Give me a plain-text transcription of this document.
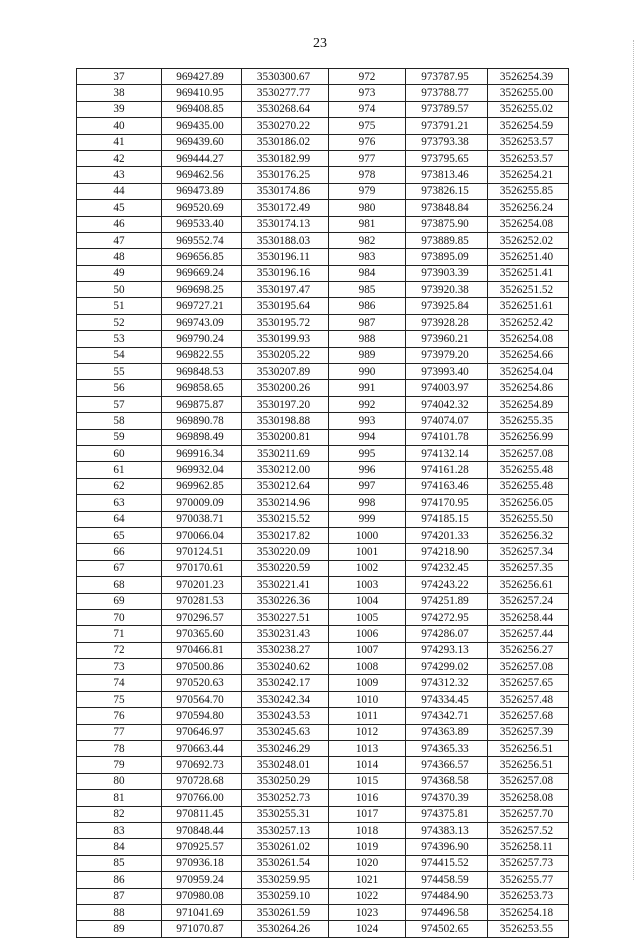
23
37	969427.89	3530300.67	972	973787.95	3526254.39
38	969410.95	3530277.77	973	973788.77	3526255.00
39	969408.85	3530268.64	974	973789.57	3526255.02
40	969435.00	3530270.22	975	973791.21	3526254.59
41	969439.60	3530186.02	976	973793.38	3526253.57
42	969444.27	3530182.99	977	973795.65	3526253.57
43	969462.56	3530176.25	978	973813.46	3526254.21
44	969473.89	3530174.86	979	973826.15	3526255.85
45	969520.69	3530172.49	980	973848.84	3526256.24
46	969533.40	3530174.13	981	973875.90	3526254.08
47	969552.74	3530188.03	982	973889.85	3526252.02
48	969656.85	3530196.11	983	973895.09	3526251.40
49	969669.24	3530196.16	984	973903.39	3526251.41
50	969698.25	3530197.47	985	973920.38	3526251.52
51	969727.21	3530195.64	986	973925.84	3526251.61
52	969743.09	3530195.72	987	973928.28	3526252.42
53	969790.24	3530199.93	988	973960.21	3526254.08
54	969822.55	3530205.22	989	973979.20	3526254.66
55	969848.53	3530207.89	990	973993.40	3526254.04
56	969858.65	3530200.26	991	974003.97	3526254.86
57	969875.87	3530197.20	992	974042.32	3526254.89
58	969890.78	3530198.88	993	974074.07	3526255.35
59	969898.49	3530200.81	994	974101.78	3526256.99
60	969916.34	3530211.69	995	974132.14	3526257.08
61	969932.04	3530212.00	996	974161.28	3526255.48
62	969962.85	3530212.64	997	974163.46	3526255.48
63	970009.09	3530214.96	998	974170.95	3526256.05
64	970038.71	3530215.52	999	974185.15	3526255.50
65	970066.04	3530217.82	1000	974201.33	3526256.32
66	970124.51	3530220.09	1001	974218.90	3526257.34
67	970170.61	3530220.59	1002	974232.45	3526257.35
68	970201.23	3530221.41	1003	974243.22	3526256.61
69	970281.53	3530226.36	1004	974251.89	3526257.24
70	970296.57	3530227.51	1005	974272.95	3526258.44
71	970365.60	3530231.43	1006	974286.07	3526257.44
72	970466.81	3530238.27	1007	974293.13	3526256.27
73	970500.86	3530240.62	1008	974299.02	3526257.08
74	970520.63	3530242.17	1009	974312.32	3526257.65
75	970564.70	3530242.34	1010	974334.45	3526257.48
76	970594.80	3530243.53	1011	974342.71	3526257.68
77	970646.97	3530245.63	1012	974363.89	3526257.39
78	970663.44	3530246.29	1013	974365.33	3526256.51
79	970692.73	3530248.01	1014	974366.57	3526256.51
80	970728.68	3530250.29	1015	974368.58	3526257.08
81	970766.00	3530252.73	1016	974370.39	3526258.08
82	970811.45	3530255.31	1017	974375.81	3526257.70
83	970848.44	3530257.13	1018	974383.13	3526257.52
84	970925.57	3530261.02	1019	974396.90	3526258.11
85	970936.18	3530261.54	1020	974415.52	3526257.73
86	970959.24	3530259.95	1021	974458.59	3526255.77
87	970980.08	3530259.10	1022	974484.90	3526253.73
88	971041.69	3530261.59	1023	974496.58	3526254.18
89	971070.87	3530264.26	1024	974502.65	3526253.55
